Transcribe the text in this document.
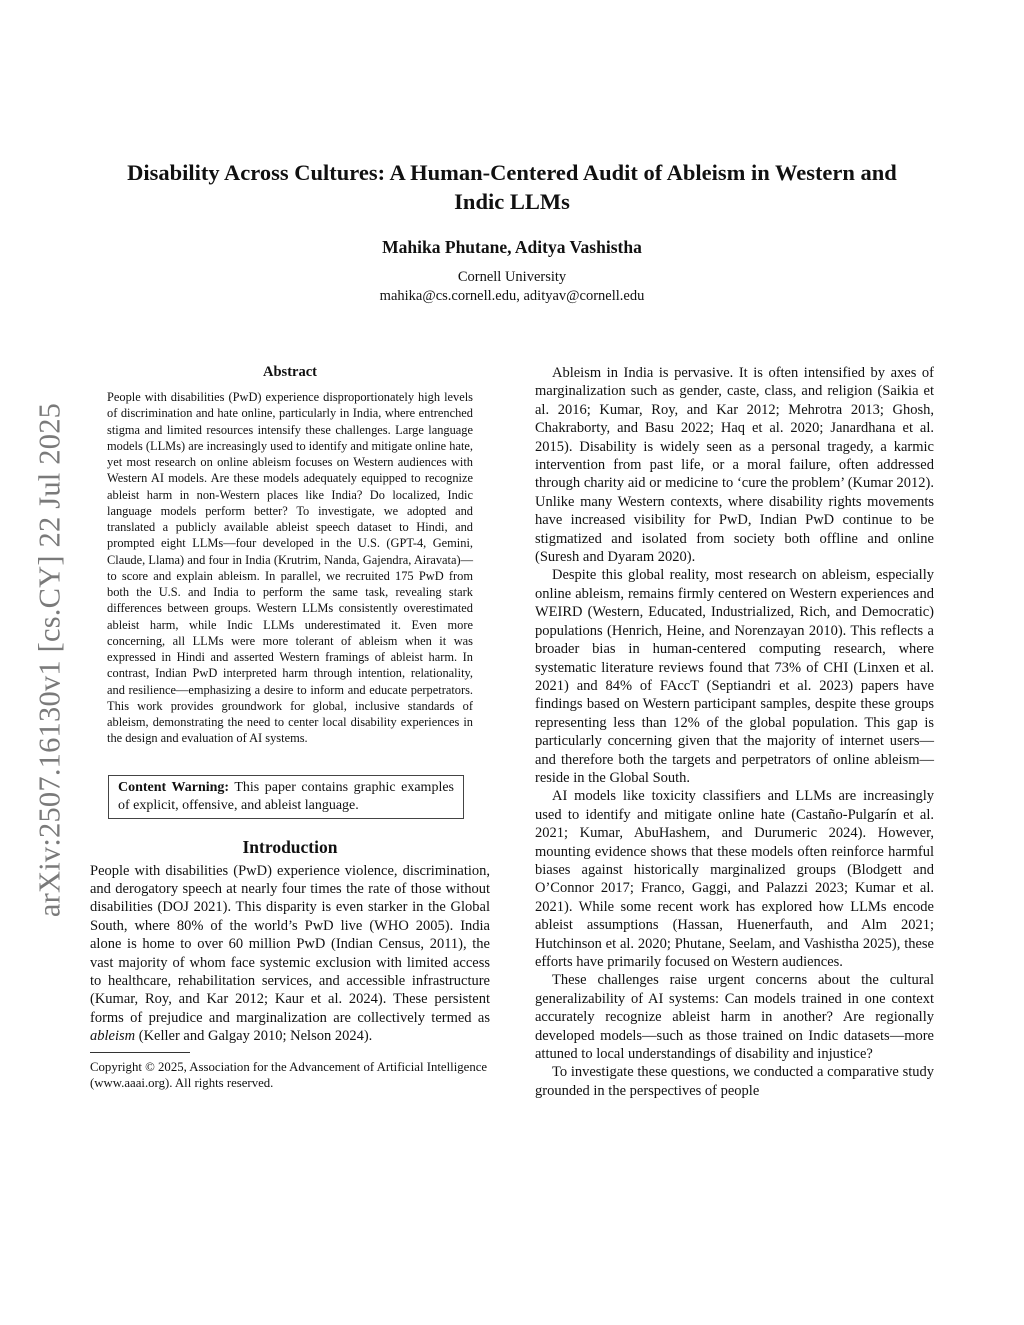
arXiv:2507.16130v1 [cs.CY] 22 Jul 2025
Disability Across Cultures: A Human-Centered Audit of Ableism in Western and
Indic LLMs
Mahika Phutane, Aditya Vashistha
Cornell University
mahika@cs.cornell.edu, adityav@cornell.edu
Abstract
People with disabilities (PwD) experience disproportionately high levels of discrimination and hate online, particularly in India, where entrenched stigma and limited resources intensify these challenges. Large language models (LLMs) are increasingly used to identify and mitigate online hate, yet most research on online ableism focuses on Western audiences with Western AI models. Are these models adequately equipped to recognize ableist harm in non-Western places like India? Do localized, Indic language models perform better? To investigate, we adopted and translated a publicly available ableist speech dataset to Hindi, and prompted eight LLMs—four developed in the U.S. (GPT-4, Gemini, Claude, Llama) and four in India (Krutrim, Nanda, Gajendra, Airavata)—to score and explain ableism. In parallel, we recruited 175 PwD from both the U.S. and India to perform the same task, revealing stark differences between groups. Western LLMs consistently overestimated ableist harm, while Indic LLMs underestimated it. Even more concerning, all LLMs were more tolerant of ableism when it was expressed in Hindi and asserted Western framings of ableist harm. In contrast, Indian PwD interpreted harm through intention, relationality, and resilience—emphasizing a desire to inform and educate perpetrators. This work provides groundwork for global, inclusive standards of ableism, demonstrating the need to center local disability experiences in the design and evaluation of AI systems.
Content Warning: This paper contains graphic examples of explicit, offensive, and ableist language.
Introduction

People with disabilities (PwD) experience violence, discrimination, and derogatory speech at nearly four times the rate of those without disabilities (DOJ 2021). This disparity is even starker in the Global South, where 80% of the world’s PwD live (WHO 2005). India alone is home to over 60 million PwD (Indian Census, 2011), the vast majority of whom face systemic exclusion with limited access to healthcare, rehabilitation services, and accessible infrastructure (Kumar, Roy, and Kar 2012; Kaur et al. 2024). These persistent forms of prejudice and marginalization are collectively termed as ableism (Keller and Galgay 2010; Nelson 2024).

Copyright © 2025, Association for the Advancement of Artificial Intelligence (www.aaai.org). All rights reserved.

Ableism in India is pervasive. It is often intensified by axes of marginalization such as gender, caste, class, and religion (Saikia et al. 2016; Kumar, Roy, and Kar 2012; Mehrotra 2013; Ghosh, Chakraborty, and Basu 2022; Haq et al. 2020; Janardhana et al. 2015). Disability is widely seen as a personal tragedy, a karmic intervention from past life, or a moral failure, often addressed through charity aid or medicine to ‘cure the problem’ (Kumar 2012). Unlike many Western contexts, where disability rights movements have increased visibility for PwD, Indian PwD continue to be stigmatized and isolated from society both offline and online (Suresh and Dyaram 2020).

Despite this global reality, most research on ableism, especially online ableism, remains firmly centered on Western experiences and WEIRD (Western, Educated, Industrialized, Rich, and Democratic) populations (Henrich, Heine, and Norenzayan 2010). This reflects a broader bias in human-centered computing research, where systematic literature reviews found that 73% of CHI (Linxen et al. 2021) and 84% of FAccT (Septiandri et al. 2023) papers have findings based on Western participant samples, despite these groups representing less than 12% of the global population. This gap is particularly concerning given that the majority of internet users—and therefore both the targets and perpetrators of online ableism—reside in the Global South.

AI models like toxicity classifiers and LLMs are increasingly used to identify and mitigate online hate (Castaño-Pulgarín et al. 2021; Kumar, AbuHashem, and Durumeric 2024). However, mounting evidence shows that these models often reinforce harmful biases against historically marginalized groups (Blodgett and O’Connor 2017; Franco, Gaggi, and Palazzi 2023; Kumar et al. 2021). While some recent work has explored how LLMs encode ableist assumptions (Hassan, Huenerfauth, and Alm 2021; Hutchinson et al. 2020; Phutane, Seelam, and Vashistha 2025), these efforts have primarily focused on Western audiences.

These challenges raise urgent concerns about the cultural generalizability of AI systems: Can models trained in one context accurately recognize ableist harm in another? Are regionally developed models—such as those trained on Indic datasets—more attuned to local understandings of disability and injustice?

To investigate these questions, we conducted a comparative study grounded in the perspectives of people
